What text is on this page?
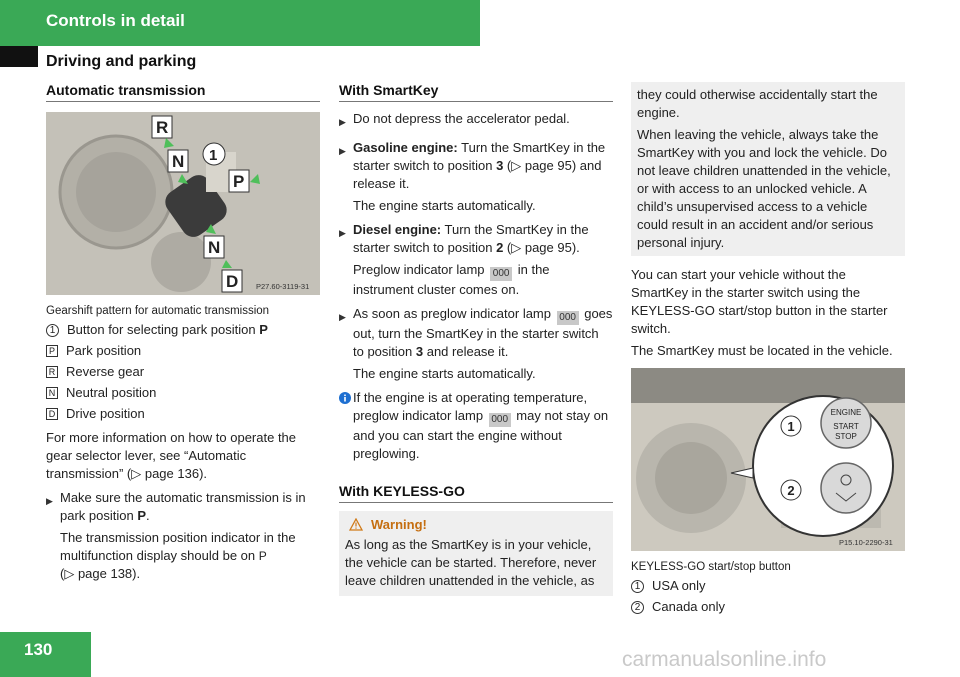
Controls in detail
Driving and parking
Automatic transmission
R
N 1
P
N
D P27.60-3119-31
Gearshift pattern for automatic transmission
1 Button for selecting park position P
P Park position
R Reverse gear
N Neutral position
D Drive position
For more information on how to operate the gear selector lever, see “Automatic transmission” (▷ page 136).
▶ Make sure the automatic transmission is in park position P.
The transmission position indicator in the multifunction display should be on P
(▷ page 138).
With SmartKey
▶ Do not depress the accelerator pedal.
▶ Gasoline engine: Turn the SmartKey in the starter switch to position 3 (▷ page 95) and release it.
The engine starts automatically.
▶ Diesel engine: Turn the SmartKey in the starter switch to position 2 (▷ page 95).
Preglow indicator lamp 000 in the instrument cluster comes on.
▶ As soon as preglow indicator lamp 000 goes out, turn the SmartKey in the starter switch to position 3 and release it.
The engine starts automatically.
If the engine is at operating temperature, preglow indicator lamp 000 may not stay on and you can start the engine without preglowing.
With KEYLESS-GO
Warning!
As long as the SmartKey is in your vehicle, the vehicle can be started. Therefore, never leave children unattended in the vehicle, as
they could otherwise accidentally start the engine.
When leaving the vehicle, always take the SmartKey with you and lock the vehicle. Do not leave children unattended in the vehicle, or with access to an unlocked vehicle. A child’s unsupervised access to a vehicle could result in an accident and/or serious personal injury.
You can start your vehicle without the SmartKey in the starter switch using the KEYLESS-GO start/stop button in the starter switch.
The SmartKey must be located in the vehicle.
ENGINE
START
STOP
1
2
P15.10-2290-31
KEYLESS-GO start/stop button
1 USA only
2 Canada only
130	carmanualsonline.info
